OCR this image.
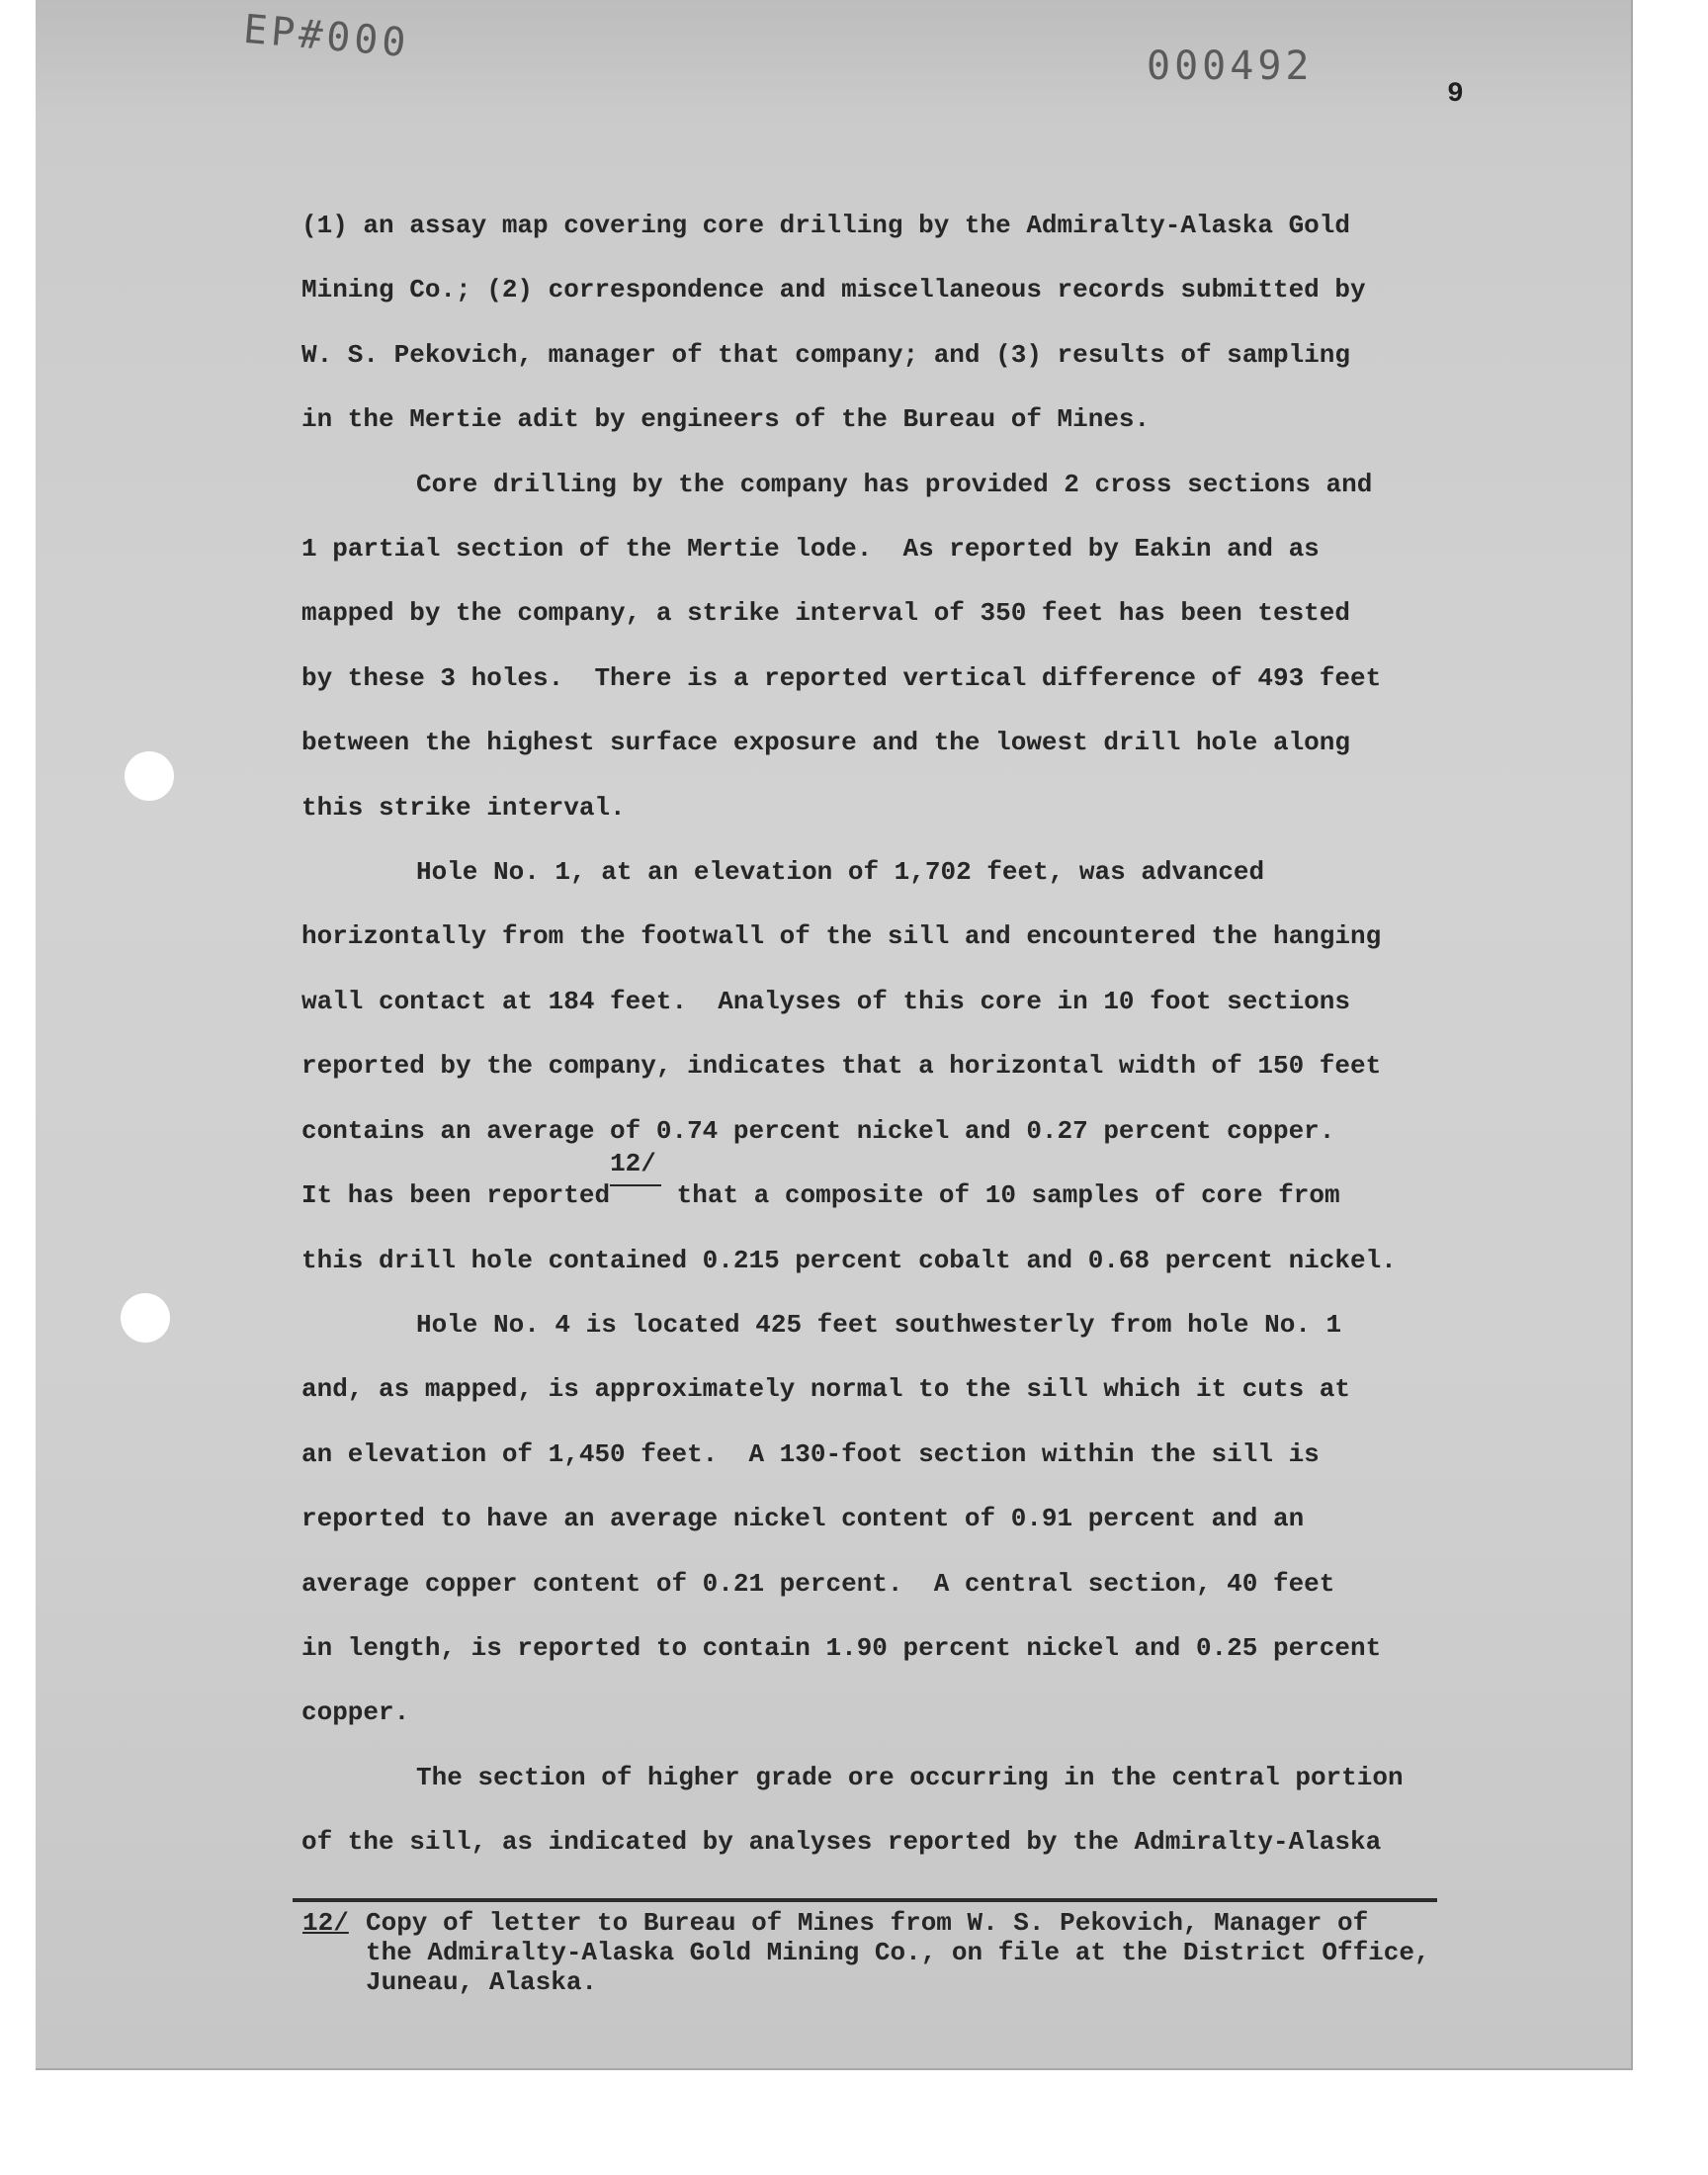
EP#000	000492
9
(1) an assay map covering core drilling by the Admiralty-Alaska Gold
Mining Co.; (2) correspondence and miscellaneous records submitted by
W. S. Pekovich, manager of that company; and (3) results of sampling
in the Mertie adit by engineers of the Bureau of Mines.
Core drilling by the company has provided 2 cross sections and
1 partial section of the Mertie lode.  As reported by Eakin and as
mapped by the company, a strike interval of 350 feet has been tested
by these 3 holes.  There is a reported vertical difference of 493 feet
between the highest surface exposure and the lowest drill hole along
this strike interval.
Hole No. 1, at an elevation of 1,702 feet, was advanced
horizontally from the footwall of the sill and encountered the hanging
wall contact at 184 feet.  Analyses of this core in 10 foot sections
reported by the company, indicates that a horizontal width of 150 feet
contains an average of 0.74 percent nickel and 0.27 percent copper.
It has been reported
12/
that a composite of 10 samples of core from
this drill hole contained 0.215 percent cobalt and 0.68 percent nickel.
Hole No. 4 is located 425 feet southwesterly from hole No. 1
and, as mapped, is approximately normal to the sill which it cuts at
an elevation of 1,450 feet.  A 130-foot section within the sill is
reported to have an average nickel content of 0.91 percent and an
average copper content of 0.21 percent.  A central section, 40 feet
in length, is reported to contain 1.90 percent nickel and 0.25 percent
copper.
The section of higher grade ore occurring in the central portion
of the sill, as indicated by analyses reported by the Admiralty-Alaska
12/ Copy of letter to Bureau of Mines from W. S. Pekovich, Manager of
the Admiralty-Alaska Gold Mining Co., on file at the District Office,
Juneau, Alaska.
